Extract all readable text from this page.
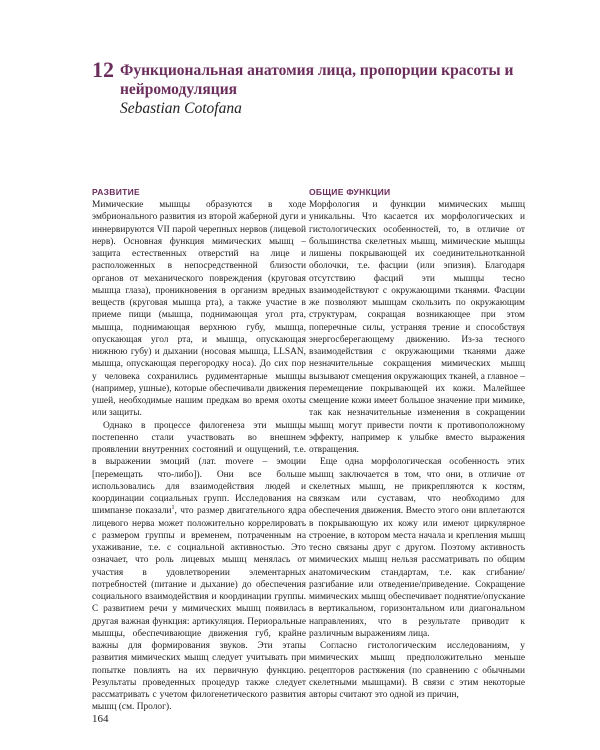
12 Функциональная анатомия лица, пропорции красоты и нейромодуляция
Sebastian Cotofana
РАЗВИТИЕ

Мимические мышцы образуются в ходе эмбрионального развития из второй жаберной дуги и иннервируются VII парой черепных нервов (лицевой нерв). Основная функция мимических мышц – защита естественных отверстий на лице и расположенных в непосредственной близости органов от механического повреждения (круговая мышца глаза), проникновения в организм вредных веществ (круговая мышца рта), а также участие в приеме пищи (мышца, поднимающая угол рта, мышца, поднимающая верхнюю губу, мышца, опускающая угол рта, и мышца, опускающая нижнюю губу) и дыхании (носовая мышца, LLSAN, мышца, опускающая перегородку носа). До сих пор у человека сохранились рудиментарные мышцы (например, ушные), которые обеспечивали движения ушей, необходимые нашим предкам во время охоты или защиты.

Однако в процессе филогенеза эти мышцы постепенно стали участвовать во внешнем проявлении внутренних состояний и ощущений, т.е. в выражении эмоций (лат. movere – эмоции [перемещать что-либо]). Они все больше использовались для взаимодействия людей и координации социальных групп. Исследования на шимпанзе показали$^1$, что размер двигательного ядра лицевого нерва может положительно коррелировать с размером группы и временем, потраченным на ухаживание, т.е. с социальной активностью. Это означает, что роль лицевых мышц менялась от участия в удовлетворении элементарных потребностей (питание и дыхание) до обеспечения социального взаимодействия и координации группы. С развитием речи у мимических мышц появилась другая важная функция: артикуляция. Периоральные мышцы, обеспечивающие движения губ, крайне важны для формирования звуков. Эти этапы развития мимических мышц следует учитывать при попытке повлиять на их первичную функцию. Результаты проведенных процедур также следует рассматривать с учетом филогенетического развития мышц (см. Пролог).

ОБЩИЕ ФУНКЦИИ

Морфология и функции мимических мышц уникальны. Что касается их морфологических и гистологических особенностей, то, в отличие от большинства скелетных мышц, мимические мышцы лишены покрывающей их соединительнотканной оболочки, т.е. фасции (или эпизия). Благодаря отсутствию фасций эти мышцы тесно взаимодействуют с окружающими тканями. Фасции же позволяют мышцам скользить по окружающим структурам, сокращая возникающее при этом поперечные силы, устраняя трение и способствуя энергосберегающему движению. Из-за тесного взаимодействия с окружающими тканями даже незначительные сокращения мимических мышц вызывают смещения окружающих тканей, а главное – перемещение покрывающей их кожи. Малейшее смещение кожи имеет большое значение при мимике, так как незначительные изменения в сокращении мышц могут привести почти к противоположному эффекту, например к улыбке вместо выражения отвращения.

Еще одна морфологическая особенность этих мышц заключается в том, что они, в отличие от скелетных мышц, не прикрепляются к костям, связкам или суставам, что необходимо для обеспечения движения. Вместо этого они вплетаются в покрывающую их кожу или имеют циркулярное строение, в котором места начала и крепления мышц тесно связаны друг с другом. Поэтому активность мимических мышц нельзя рассматривать по общим анатомическим стандартам, т.е. как сгибание/разгибание или отведение/приведение. Сокращение мимических мышц обеспечивает поднятие/опускание в вертикальном, горизонтальном или диагональном направлениях, что в результате приводит к различным выражениям лица.

Согласно гистологическим исследованиям, у мимических мышц предположительно меньше рецепторов растяжения (по сравнению с обычными скелетными мышцами). В связи с этим некоторые авторы считают это одной из причин,

164
